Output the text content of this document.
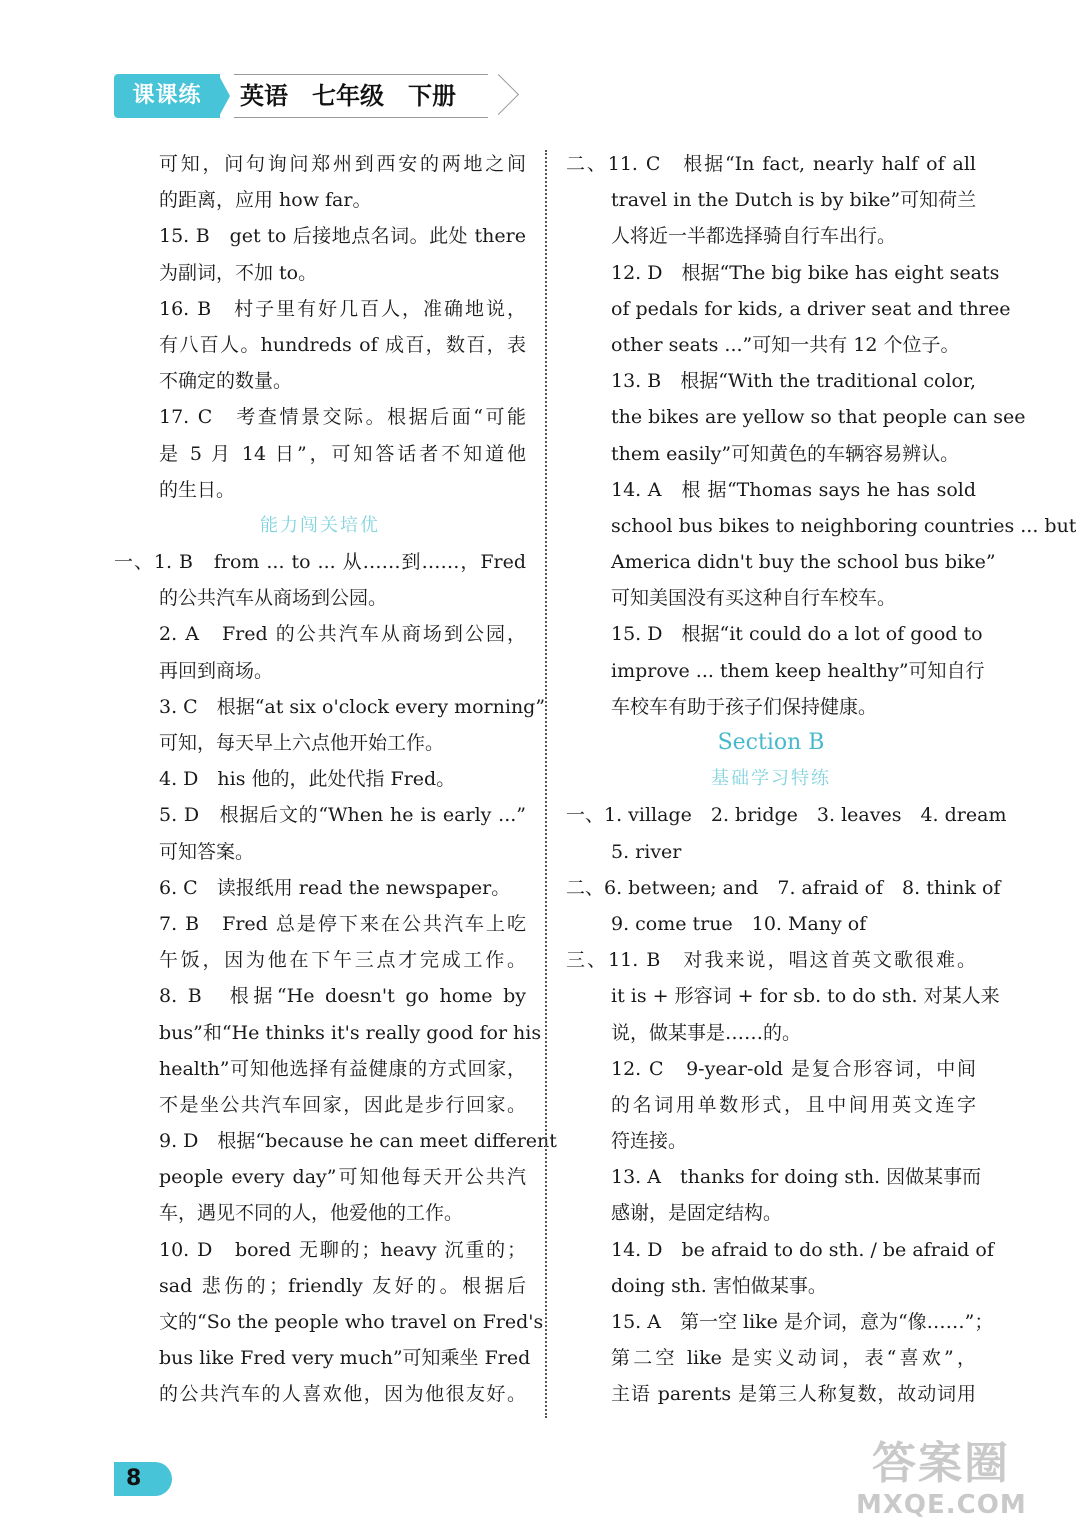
课课练	英语　七年级　下册
可知，问句询问郑州到西安的两地之间
的距离，应用 how far。
15. B　get to 后接地点名词。此处 there
为副词，不加 to。
16. B　村子里有好几百人，准确地说，
有八百人。hundreds of 成百，数百，表
不确定的数量。
17. C　考查情景交际。根据后面“可能
是 5 月 14 日”，可知答话者不知道他
的生日。
能力闯关培优
一、1. B　from ... to ... 从……到……，Fred
的公共汽车从商场到公园。
2. A　Fred 的公共汽车从商场到公园，
再回到商场。
3. C　根据“at six o'clock every morning”
可知，每天早上六点他开始工作。
4. D　his 他的，此处代指 Fred。
5. D　根据后文的“When he is early ...”
可知答案。
6. C　读报纸用 read the newspaper。
7. B　Fred 总是停下来在公共汽车上吃
午饭，因为他在下午三点才完成工作。
8. B　根据“He doesn't go home by
bus”和“He thinks it's really good for his
health”可知他选择有益健康的方式回家，
不是坐公共汽车回家，因此是步行回家。
9. D　根据“because he can meet different
people every day”可知他每天开公共汽
车，遇见不同的人，他爱他的工作。
10. D　bored 无聊的；heavy 沉重的；
sad 悲伤的；friendly 友好的。根据后
文的“So the people who travel on Fred's
bus like Fred very much”可知乘坐 Fred
的公共汽车的人喜欢他，因为他很友好。
二、11. C　根据“In fact, nearly half of all
travel in the Dutch is by bike”可知荷兰
人将近一半都选择骑自行车出行。
12. D　根据“The big bike has eight seats
of pedals for kids, a driver seat and three
other seats ...”可知一共有 12 个位子。
13. B　根据“With the traditional color,
the bikes are yellow so that people can see
them easily”可知黄色的车辆容易辨认。
14. A　根 据“Thomas says he has sold
school bus bikes to neighboring countries ... but
America didn't buy the school bus bike”
可知美国没有买这种自行车校车。
15. D　根据“it could do a lot of good to
improve ... them keep healthy”可知自行
车校车有助于孩子们保持健康。
Section B
基础学习特练
一、1. village　2. bridge　3. leaves　4. dream
5. river
二、6. between; and　7. afraid of　8. think of
9. come true　10. Many of
三、11. B　对我来说，唱这首英文歌很难。
it is + 形容词 + for sb. to do sth. 对某人来
说，做某事是……的。
12. C　9-year-old 是复合形容词，中间
的名词用单数形式，且中间用英文连字
符连接。
13. A　thanks for doing sth. 因做某事而
感谢，是固定结构。
14. D　be afraid to do sth. / be afraid of
doing sth. 害怕做某事。
15. A　第一空 like 是介词，意为“像……”；
第二空 like 是实义动词，表“喜欢”，
主语 parents 是第三人称复数，故动词用
8	答案圈
MXQE.COM
